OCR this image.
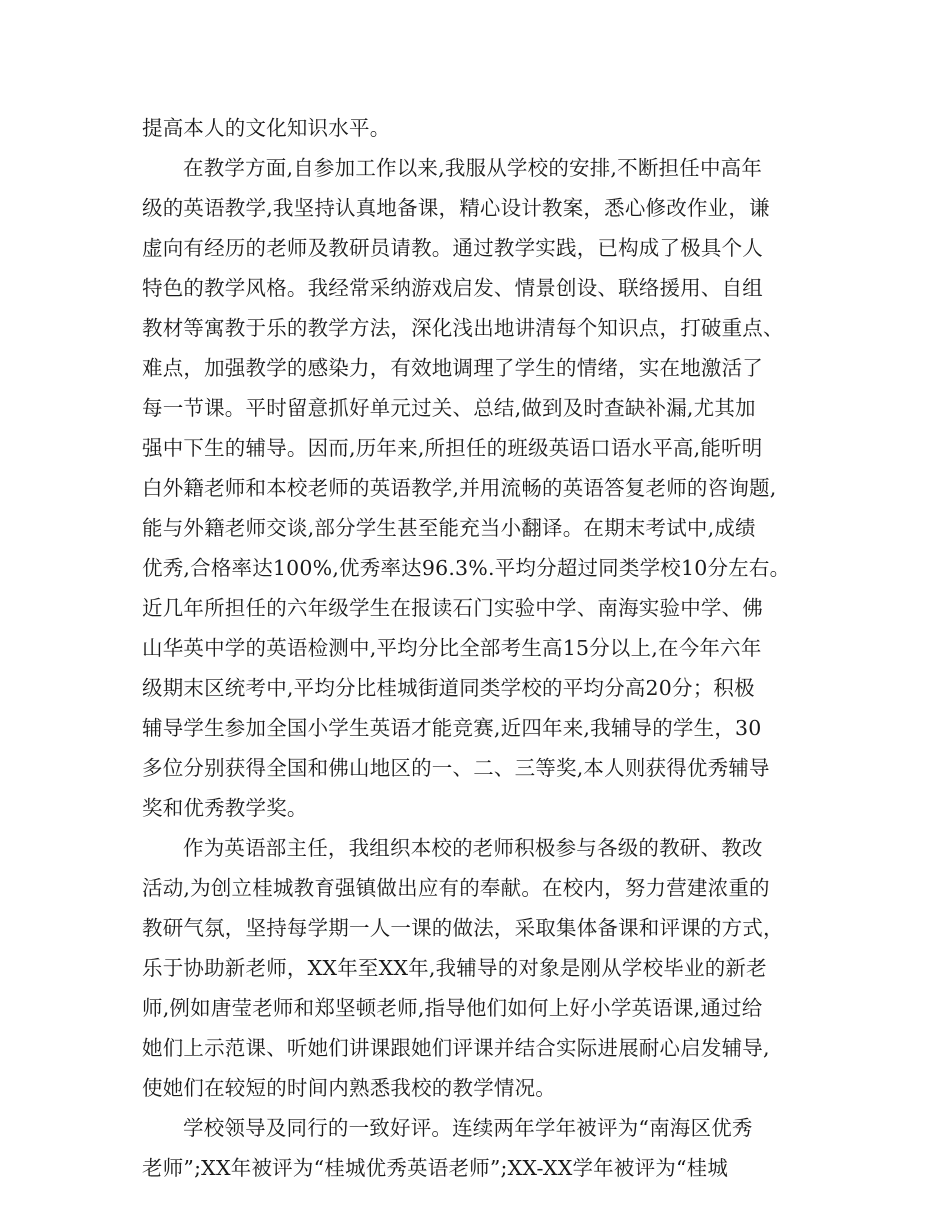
提高本人的文化知识水平。
在教学方面,自参加工作以来,我服从学校的安排,不断担任中高年
级的英语教学,我坚持认真地备课，精心设计教案，悉心修改作业，谦
虚向有经历的老师及教研员请教。通过教学实践，已构成了极具个人
特色的教学风格。我经常采纳游戏启发、情景创设、联络援用、自组
教材等寓教于乐的教学方法，深化浅出地讲清每个知识点，打破重点、
难点，加强教学的感染力，有效地调理了学生的情绪，实在地激活了
每一节课。平时留意抓好单元过关、总结,做到及时查缺补漏,尤其加
强中下生的辅导。因而,历年来,所担任的班级英语口语水平高,能听明
白外籍老师和本校老师的英语教学,并用流畅的英语答复老师的咨询题,
能与外籍老师交谈,部分学生甚至能充当小翻译。在期末考试中,成绩
优秀,合格率达100%,优秀率达96.3%.平均分超过同类学校10分左右。
近几年所担任的六年级学生在报读石门实验中学、南海实验中学、佛
山华英中学的英语检测中,平均分比全部考生高15分以上,在今年六年
级期末区统考中,平均分比桂城街道同类学校的平均分高20分；积极
辅导学生参加全国小学生英语才能竞赛,近四年来,我辅导的学生，30
多位分别获得全国和佛山地区的一、二、三等奖,本人则获得优秀辅导
奖和优秀教学奖。
作为英语部主任，我组织本校的老师积极参与各级的教研、教改
活动,为创立桂城教育强镇做出应有的奉献。在校内，努力营建浓重的
教研气氛，坚持每学期一人一课的做法，采取集体备课和评课的方式，
乐于协助新老师，XX年至XX年,我辅导的对象是刚从学校毕业的新老
师,例如唐莹老师和郑坚顿老师,指导他们如何上好小学英语课,通过给
她们上示范课、听她们讲课跟她们评课并结合实际进展耐心启发辅导,
使她们在较短的时间内熟悉我校的教学情况。
学校领导及同行的一致好评。连续两年学年被评为“南海区优秀
老师”;XX年被评为“桂城优秀英语老师”;XX-XX学年被评为“桂城
